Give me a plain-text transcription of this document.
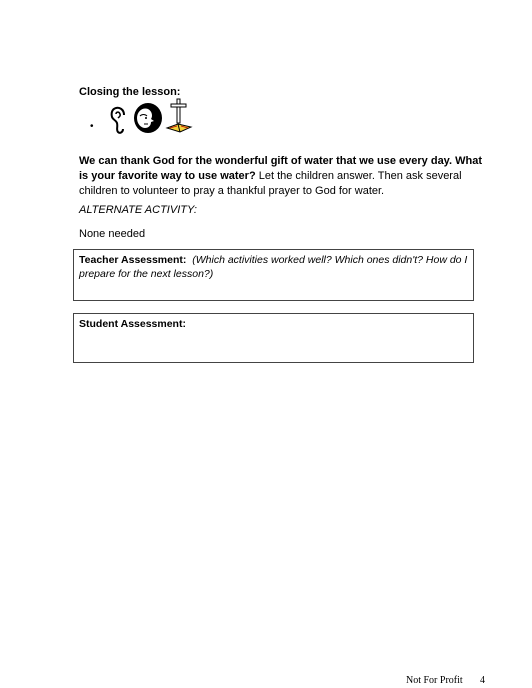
Closing the lesson:
•
We can thank God for the wonderful gift of water that we use every day. What is your favorite way to use water? Let the children answer. Then ask several children to volunteer to pray a thankful prayer to God for water.
ALTERNATE ACTIVITY:
None needed
Teacher Assessment: (Which activities worked well? Which ones didn't? How do I prepare for the next lesson?)
Student Assessment:
Not For Profit 4
